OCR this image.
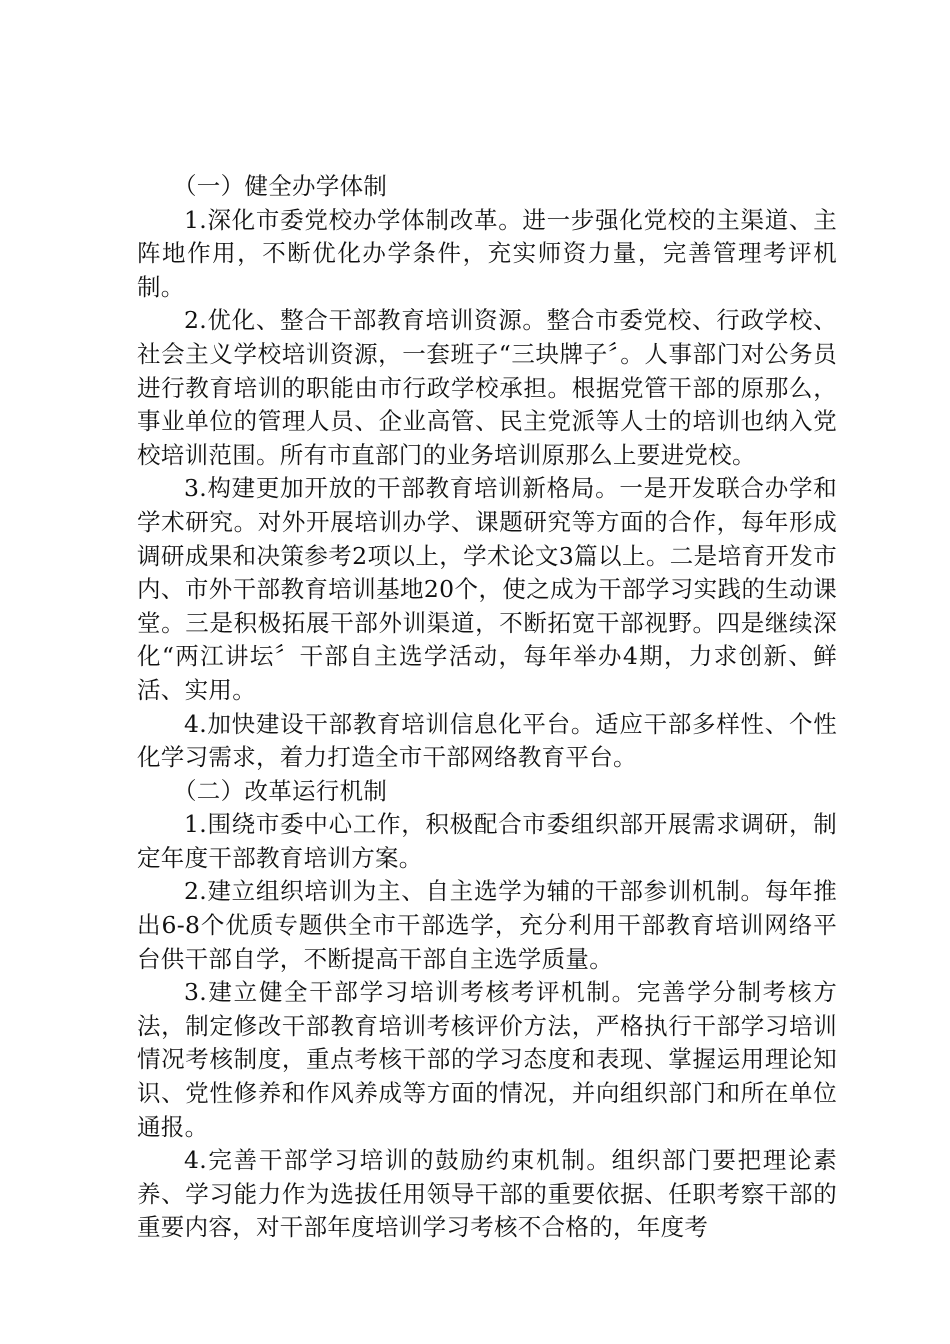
（一）健全办学体制

1.深化市委党校办学体制改革。进一步强化党校的主渠道、主阵地作用，不断优化办学条件，充实师资力量，完善管理考评机制。

2.优化、整合干部教育培训资源。整合市委党校、行政学校、社会主义学校培训资源，一套班子“三块牌子〞。人事部门对公务员进行教育培训的职能由市行政学校承担。根据党管干部的原那么，事业单位的管理人员、企业高管、民主党派等人士的培训也纳入党校培训范围。所有市直部门的业务培训原那么上要进党校。

3.构建更加开放的干部教育培训新格局。一是开发联合办学和学术研究。对外开展培训办学、课题研究等方面的合作，每年形成调研成果和决策参考2项以上，学术论文3篇以上。二是培育开发市内、市外干部教育培训基地20个，使之成为干部学习实践的生动课堂。三是积极拓展干部外训渠道，不断拓宽干部视野。四是继续深化“两江讲坛〞干部自主选学活动，每年举办4期，力求创新、鲜活、实用。

4.加快建设干部教育培训信息化平台。适应干部多样性、个性化学习需求，着力打造全市干部网络教育平台。

（二）改革运行机制

1.围绕市委中心工作，积极配合市委组织部开展需求调研，制定年度干部教育培训方案。

2.建立组织培训为主、自主选学为辅的干部参训机制。每年推出6-8个优质专题供全市干部选学，充分利用干部教育培训网络平台供干部自学，不断提高干部自主选学质量。

3.建立健全干部学习培训考核考评机制。完善学分制考核方法，制定修改干部教育培训考核评价方法，严格执行干部学习培训情况考核制度，重点考核干部的学习态度和表现、掌握运用理论知识、党性修养和作风养成等方面的情况，并向组织部门和所在单位通报。

4.完善干部学习培训的鼓励约束机制。组织部门要把理论素养、学习能力作为选拔任用领导干部的重要依据、任职考察干部的重要内容，对干部年度培训学习考核不合格的，年度考
